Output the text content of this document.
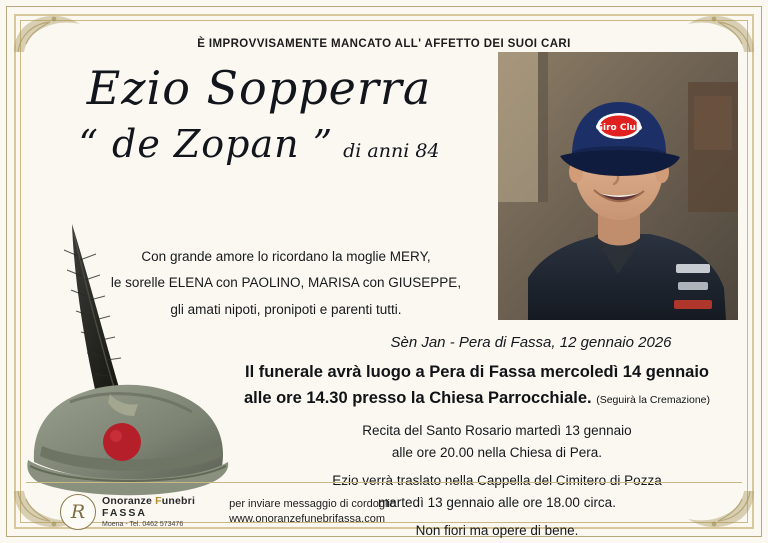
È IMPROVVISAMENTE MANCATO ALL' AFFETTO DEI SUOI CARI
Giro Club
Ezio Sopperra
“ de Zopan ” di anni 84
Con grande amore lo ricordano la moglie MERY,
le sorelle ELENA con PAOLINO, MARISA con GIUSEPPE,
gli amati nipoti, pronipoti e parenti tutti.
Sèn Jan - Pera di Fassa, 12 gennaio 2026
Il funerale avrà luogo a Pera di Fassa mercoledì 14 gennaio
alle ore 14.30 presso la Chiesa Parrocchiale. (Seguirà la Cremazione)
Recita del Santo Rosario martedì 13 gennaio
alle ore 20.00 nella Chiesa di Pera.
Ezio verrà traslato nella Cappella del Cimitero di Pozza
martedì 13 gennaio alle ore 18.00 circa.
Non fiori ma opere di bene.
R
Onoranze Funebri
FASSA
Moena - Tel. 0462 573476
per inviare messaggio di cordoglio
www.onoranzefunebrifassa.com
